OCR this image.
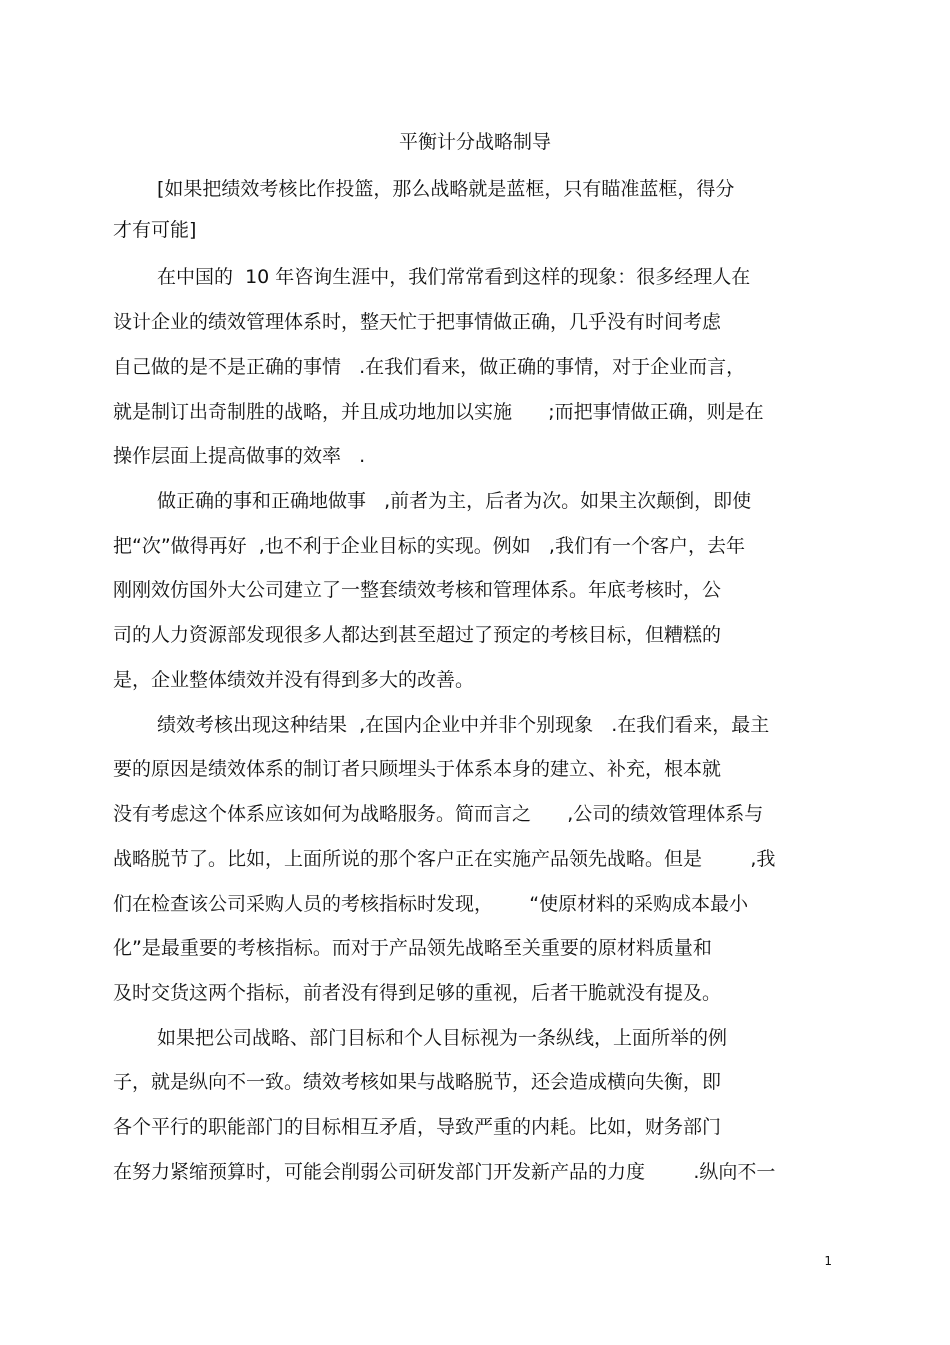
平衡计分战略制导
[如果把绩效考核比作投篮，那么战略就是蓝框，只有瞄准蓝框，得分
才有可能]
在中国的  10 年咨询生涯中，我们常常看到这样的现象：很多经理人在
设计企业的绩效管理体系时，整天忙于把事情做正确，几乎没有时间考虑
自己做的是不是正确的事情   .在我们看来，做正确的事情，对于企业而言，
就是制订出奇制胜的战略，并且成功地加以实施      ;而把事情做正确，则是在
操作层面上提高做事的效率   .
做正确的事和正确地做事   ,前者为主，后者为次。如果主次颠倒，即使
把“次”做得再好  ,也不利于企业目标的实现。例如   ,我们有一个客户，去年
刚刚效仿国外大公司建立了一整套绩效考核和管理体系。年底考核时，公
司的人力资源部发现很多人都达到甚至超过了预定的考核目标，但糟糕的
是，企业整体绩效并没有得到多大的改善。
绩效考核出现这种结果  ,在国内企业中并非个别现象   .在我们看来，最主
要的原因是绩效体系的制订者只顾埋头于体系本身的建立、补充，根本就
没有考虑这个体系应该如何为战略服务。简而言之      ,公司的绩效管理体系与
战略脱节了。比如，上面所说的那个客户正在实施产品领先战略。但是        ,我
们在检查该公司采购人员的考核指标时发现，      “使原材料的采购成本最小
化”是最重要的考核指标。而对于产品领先战略至关重要的原材料质量和
及时交货这两个指标，前者没有得到足够的重视，后者干脆就没有提及。
如果把公司战略、部门目标和个人目标视为一条纵线，上面所举的例
子，就是纵向不一致。绩效考核如果与战略脱节，还会造成横向失衡，即
各个平行的职能部门的目标相互矛盾，导致严重的内耗。比如，财务部门
在努力紧缩预算时，可能会削弱公司研发部门开发新产品的力度        .纵向不一
1
